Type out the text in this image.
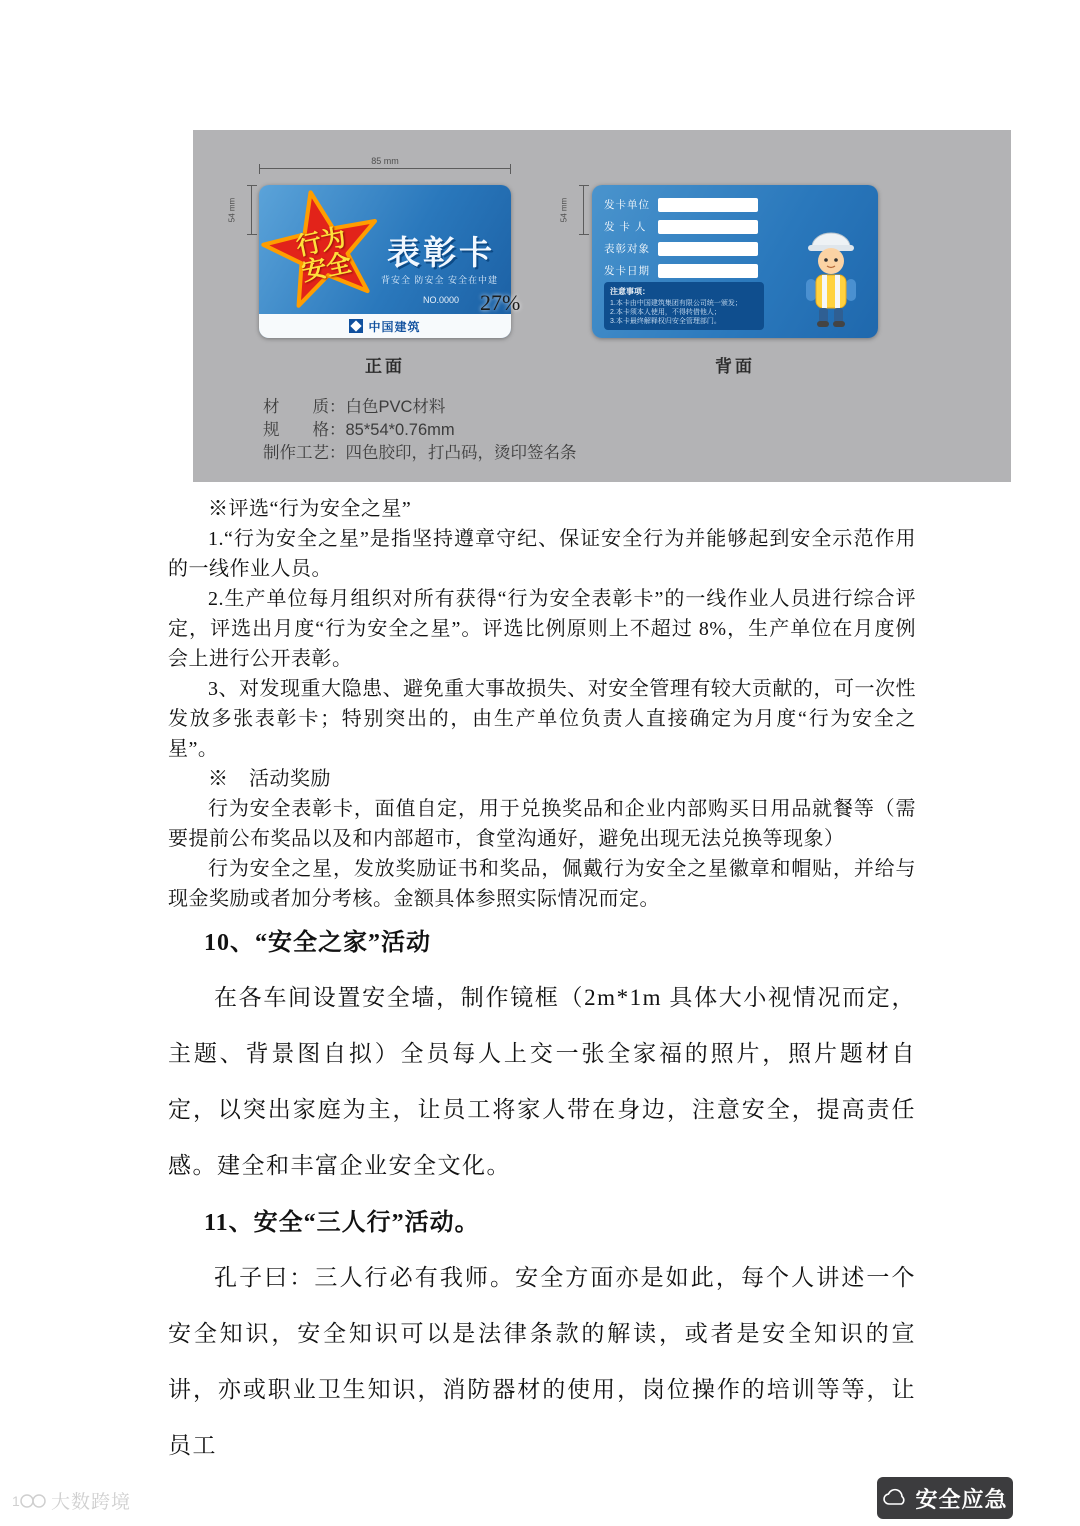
85 mm
54 mm	54 mm
行为
安全 表彰卡
背安全 防安全 安全在中建
NO.0000
中国建筑
27%
发卡单位
发 卡 人
表彰对象
发卡日期
注意事项：
1.本卡由中国建筑集团有限公司统一颁发；
2.本卡须本人使用，不得转借他人；
3.本卡最终解释权归安全管理部门。
正面	背面
材　　质：白色PVC材料
规　　格：85*54*0.76mm
制作工艺：四色胶印，打凸码，烫印签名条

※评选“行为安全之星”

1.“行为安全之星”是指坚持遵章守纪、保证安全行为并能够起到安全示范作用的一线作业人员。

2.生产单位每月组织对所有获得“行为安全表彰卡”的一线作业人员进行综合评定，评选出月度“行为安全之星”。评选比例原则上不超过 8%，生产单位在月度例会上进行公开表彰。

3、对发现重大隐患、避免重大事故损失、对安全管理有较大贡献的，可一次性发放多张表彰卡；特别突出的，由生产单位负责人直接确定为月度“行为安全之星”。

※　活动奖励

行为安全表彰卡，面值自定，用于兑换奖品和企业内部购买日用品就餐等（需要提前公布奖品以及和内部超市，食堂沟通好，避免出现无法兑换等现象）

行为安全之星，发放奖励证书和奖品，佩戴行为安全之星徽章和帽贴，并给与现金奖励或者加分考核。金额具体参照实际情况而定。

10、“安全之家”活动

在各车间设置安全墙，制作镜框（2m*1m 具体大小视情况而定，主题、背景图自拟）全员每人上交一张全家福的照片，照片题材自定，以突出家庭为主，让员工将家人带在身边，注意安全，提高责任感。建全和丰富企业安全文化。

11、安全“三人行”活动。

孔子曰：三人行必有我师。安全方面亦是如此，每个人讲述一个安全知识，安全知识可以是法律条款的解读，或者是安全知识的宣讲，亦或职业卫生知识，消防器材的使用，岗位操作的培训等等，让员工

1 大数跨境	安全应急
